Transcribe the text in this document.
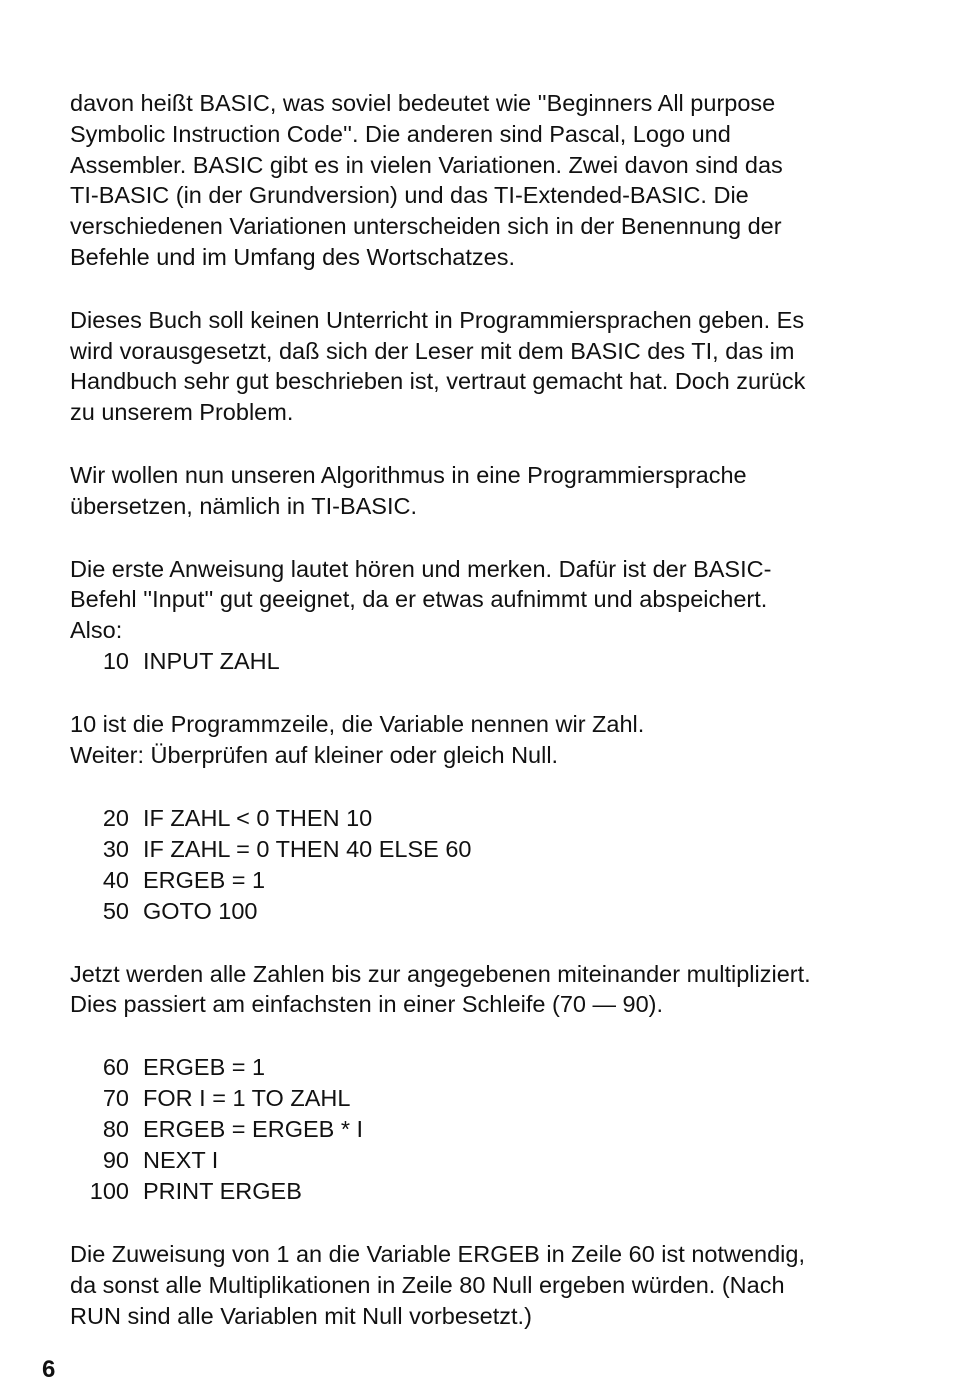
davon heißt BASIC, was soviel bedeutet wie ''Beginners All purpose
Symbolic Instruction Code''. Die anderen sind Pascal, Logo und
Assembler. BASIC gibt es in vielen Variationen. Zwei davon sind das
TI-BASIC (in der Grundversion) und das TI-Extended-BASIC. Die
verschiedenen Variationen unterscheiden sich in der Benennung der
Befehle und im Umfang des Wortschatzes.

Dieses Buch soll keinen Unterricht in Programmiersprachen geben. Es
wird vorausgesetzt, daß sich der Leser mit dem BASIC des TI, das im
Handbuch sehr gut beschrieben ist, vertraut gemacht hat. Doch zurück
zu unserem Problem.

Wir wollen nun unseren Algorithmus in eine Programmiersprache
übersetzen, nämlich in TI-BASIC.

Die erste Anweisung lautet hören und merken. Dafür ist der BASIC-
Befehl ''Input'' gut geeignet, da er etwas aufnimmt und abspeichert.
Also:

10 INPUT ZAHL

10 ist die Programmzeile, die Variable nennen wir Zahl.
Weiter: Überprüfen auf kleiner oder gleich Null.

20 IF ZAHL < 0 THEN 10
30 IF ZAHL = 0 THEN 40 ELSE 60
40 ERGEB = 1
50 GOTO 100

Jetzt werden alle Zahlen bis zur angegebenen miteinander multipliziert.
Dies passiert am einfachsten in einer Schleife (70 — 90).

60 ERGEB = 1
70 FOR I = 1 TO ZAHL
80 ERGEB = ERGEB * I
90 NEXT I
100 PRINT ERGEB

Die Zuweisung von 1 an die Variable ERGEB in Zeile 60 ist notwendig,
da sonst alle Multiplikationen in Zeile 80 Null ergeben würden. (Nach
RUN sind alle Variablen mit Null vorbesetzt.)

6
